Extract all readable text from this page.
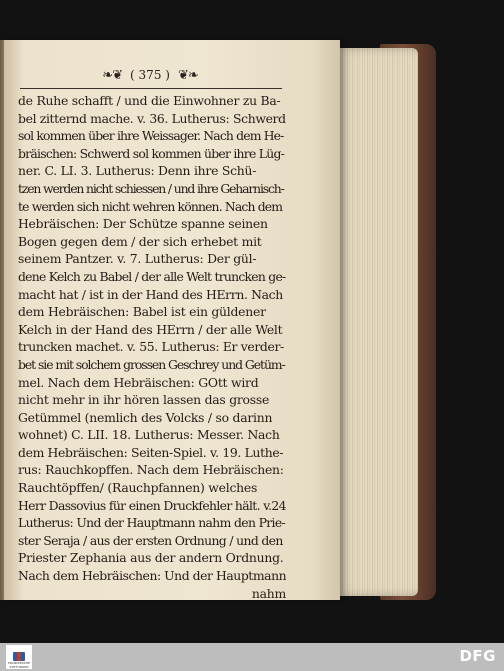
❧❦ ( 375 ) ❦❧
de Ruhe schafft / und die Einwohner zu Ba-
bel zitternd mache. v. 36. Lutherus: Schwerd
sol kommen über ihre Weissager. Nach dem He-
bräischen: Schwerd sol kommen über ihre Lüg-
ner. C. LI. 3. Lutherus: Denn ihre Schü-
tzen werden nicht schiessen / und ihre Geharnisch-
te werden sich nicht wehren können. Nach dem
Hebräischen: Der Schütze spanne seinen
Bogen gegen dem / der sich erhebet mit
seinem Pantzer. v. 7. Lutherus: Der gül-
dene Kelch zu Babel / der alle Welt truncken ge-
macht hat / ist in der Hand des HErrn. Nach
dem Hebräischen: Babel ist ein güldener
Kelch in der Hand des HErrn / der alle Welt
truncken machet. v. 55. Lutherus: Er verder-
bet sie mit solchem grossen Geschrey und Getüm-
mel. Nach dem Hebräischen: GOtt wird
nicht mehr in ihr hören lassen das grosse
Getümmel (nemlich des Volcks / so darinn
wohnet) C. LII. 18. Lutherus: Messer. Nach
dem Hebräischen: Seiten-Spiel. v. 19. Luthe-
rus: Rauchkopffen. Nach dem Hebräischen:
Rauchtöpffen/ (Rauchpfannen) welches
Herr Dassovius für einen Druckfehler hält. v.24
Lutherus: Und der Hauptmann nahm den Prie-
ster Seraja / aus der ersten Ordnung / und den
Priester Zephania aus der andern Ordnung.
Nach dem Hebräischen: Und der Hauptmann
nahm
FRANCKESCHE STIFTUNGEN
DFG
